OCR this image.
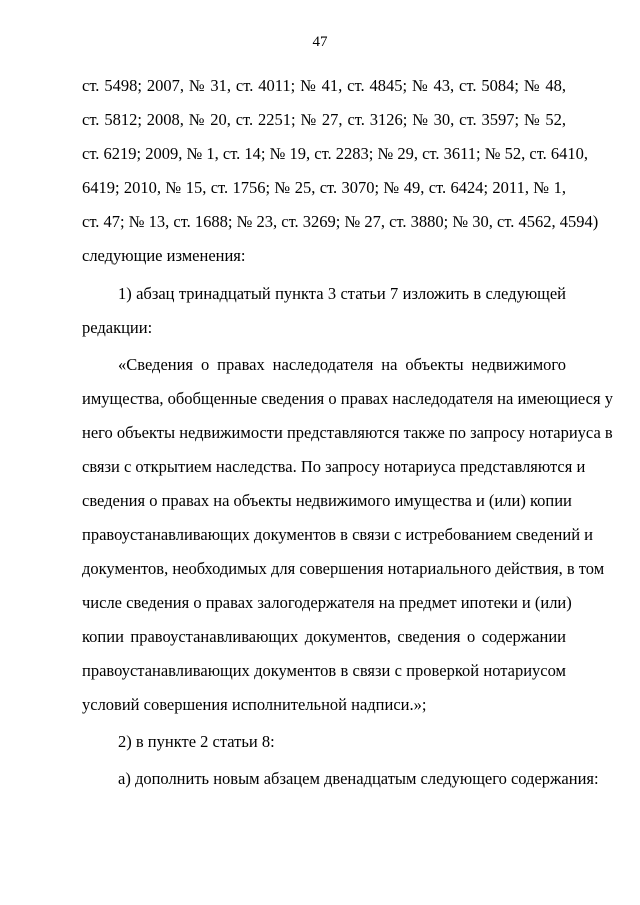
47
ст. 5498; 2007, № 31, ст. 4011; № 41, ст. 4845; № 43, ст. 5084; № 48,
ст. 5812; 2008, № 20, ст. 2251; № 27, ст. 3126; № 30, ст. 3597; № 52,
ст. 6219; 2009, № 1, ст. 14; № 19, ст. 2283; № 29, ст. 3611; № 52, ст. 6410,
6419; 2010, № 15, ст. 1756; № 25, ст. 3070; № 49, ст. 6424; 2011, № 1,
ст. 47; № 13, ст. 1688; № 23, ст. 3269; № 27, ст. 3880; № 30, ст. 4562, 4594)
следующие изменения:
1) абзац тринадцатый пункта 3 статьи 7 изложить в следующей
редакции:
«Сведения о правах наследодателя на объекты недвижимого
имущества, обобщенные сведения о правах наследодателя на имеющиеся у
него объекты недвижимости представляются также по запросу нотариуса в
связи с открытием наследства. По запросу нотариуса представляются и
сведения о правах на объекты недвижимого имущества и (или) копии
правоустанавливающих документов в связи с истребованием сведений и
документов, необходимых для совершения нотариального действия, в том
числе сведения о правах залогодержателя на предмет ипотеки и (или)
копии правоустанавливающих документов, сведения о содержании
правоустанавливающих документов в связи с проверкой нотариусом
условий совершения исполнительной надписи.»;
2) в пункте 2 статьи 8:
а) дополнить новым абзацем двенадцатым следующего содержания:
